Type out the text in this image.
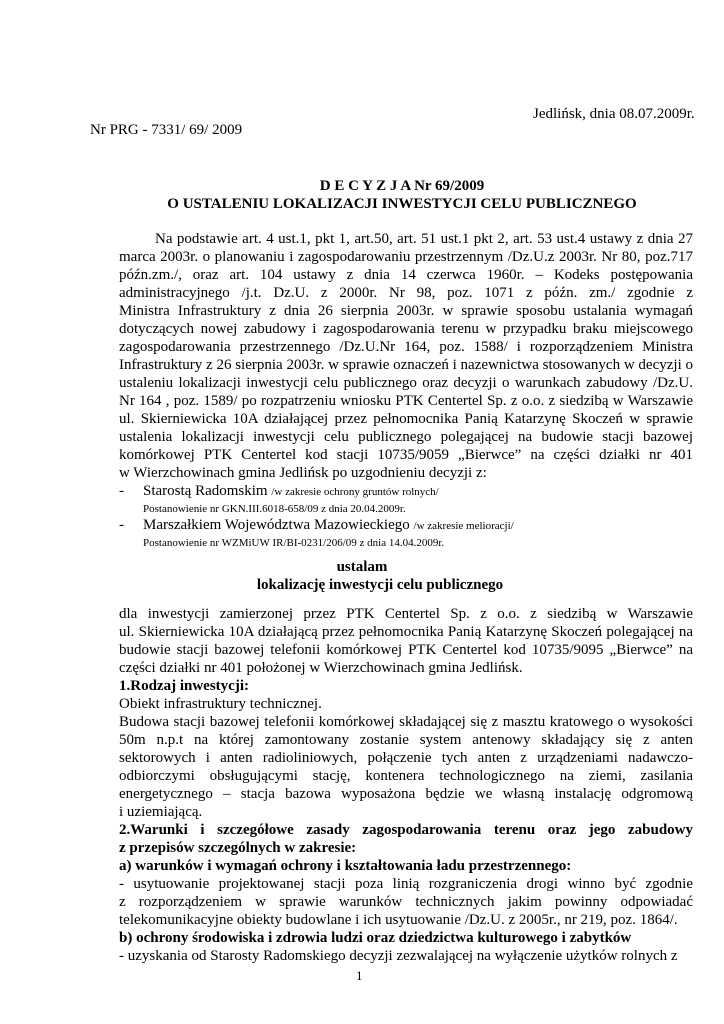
Jedlińsk, dnia 08.07.2009r.
Nr PRG - 7331/ 69/ 2009
D E C Y Z J A Nr 69/2009
O USTALENIU LOKALIZACJI INWESTYCJI CELU PUBLICZNEGO
Na podstawie art. 4 ust.1, pkt 1, art.50, art. 51 ust.1 pkt 2, art. 53 ust.4 ustawy z dnia 27
marca 2003r. o planowaniu i zagospodarowaniu przestrzennym /Dz.U.z 2003r. Nr 80, poz.717
późn.zm./, oraz art. 104 ustawy z dnia 14 czerwca 1960r. – Kodeks postępowania
administracyjnego /j.t. Dz.U. z 2000r. Nr 98, poz. 1071 z późn. zm./ zgodnie z
Ministra Infrastruktury z dnia 26 sierpnia 2003r. w sprawie sposobu ustalania wymagań
dotyczących nowej zabudowy i zagospodarowania terenu w przypadku braku miejscowego
zagospodarowania przestrzennego /Dz.U.Nr 164, poz. 1588/ i rozporządzeniem Ministra
Infrastruktury z 26 sierpnia 2003r. w sprawie oznaczeń i nazewnictwa stosowanych w decyzji o
ustaleniu lokalizacji inwestycji celu publicznego oraz decyzji o warunkach zabudowy /Dz.U.
Nr 164 , poz. 1589/ po rozpatrzeniu wniosku PTK Centertel Sp. z o.o. z siedzibą w Warszawie
ul. Skierniewicka 10A działającej przez pełnomocnika Panią Katarzynę Skoczeń w sprawie
ustalenia lokalizacji inwestycji celu publicznego polegającej na budowie stacji bazowej
komórkowej PTK Centertel kod stacji 10735/9059 „Bierwce” na części działki nr 401
w Wierzchowinach gmina Jedlińsk po uzgodnieniu decyzji z:
- Starostą Radomskim /w zakresie ochrony gruntów rolnych/
Postanowienie nr GKN.III.6018-658/09 z dnia 20.04.2009r.
- Marszałkiem Województwa Mazowieckiego /w zakresie melioracji/
Postanowienie nr WZMiUW IR/BI-0231/206/09 z dnia 14.04.2009r.
ustalam
lokalizację inwestycji celu publicznego
dla inwestycji zamierzonej przez PTK Centertel Sp. z o.o. z siedzibą w Warszawie
ul. Skierniewicka 10A działającą przez pełnomocnika Panią Katarzynę Skoczeń polegającej na
budowie stacji bazowej telefonii komórkowej PTK Centertel kod 10735/9095 „Bierwce” na
części działki nr 401 położonej w Wierzchowinach gmina Jedlińsk.
1.Rodzaj inwestycji:
Obiekt infrastruktury technicznej.
Budowa stacji bazowej telefonii komórkowej składającej się z masztu kratowego o wysokości
50m n.p.t na której zamontowany zostanie system antenowy składający się z anten
sektorowych i anten radioliniowych, połączenie tych anten z urządzeniami nadawczo-
odbiorczymi obsługującymi stację, kontenera technologicznego na ziemi, zasilania
energetycznego – stacja bazowa wyposażona będzie we własną instalację odgromową
i uziemiającą.
2.Warunki i szczegółowe zasady zagospodarowania terenu oraz jego zabudowy
z przepisów szczególnych w zakresie:
a) warunków i wymagań ochrony i kształtowania ładu przestrzennego:
- usytuowanie projektowanej stacji poza linią rozgraniczenia drogi winno być zgodnie
z rozporządzeniem w sprawie warunków technicznych jakim powinny odpowiadać
telekomunikacyjne obiekty budowlane i ich usytuowanie /Dz.U. z 2005r., nr 219, poz. 1864/.
b) ochrony środowiska i zdrowia ludzi oraz dziedzictwa kulturowego i zabytków
- uzyskania od Starosty Radomskiego decyzji zezwalającej na wyłączenie użytków rolnych z
1
